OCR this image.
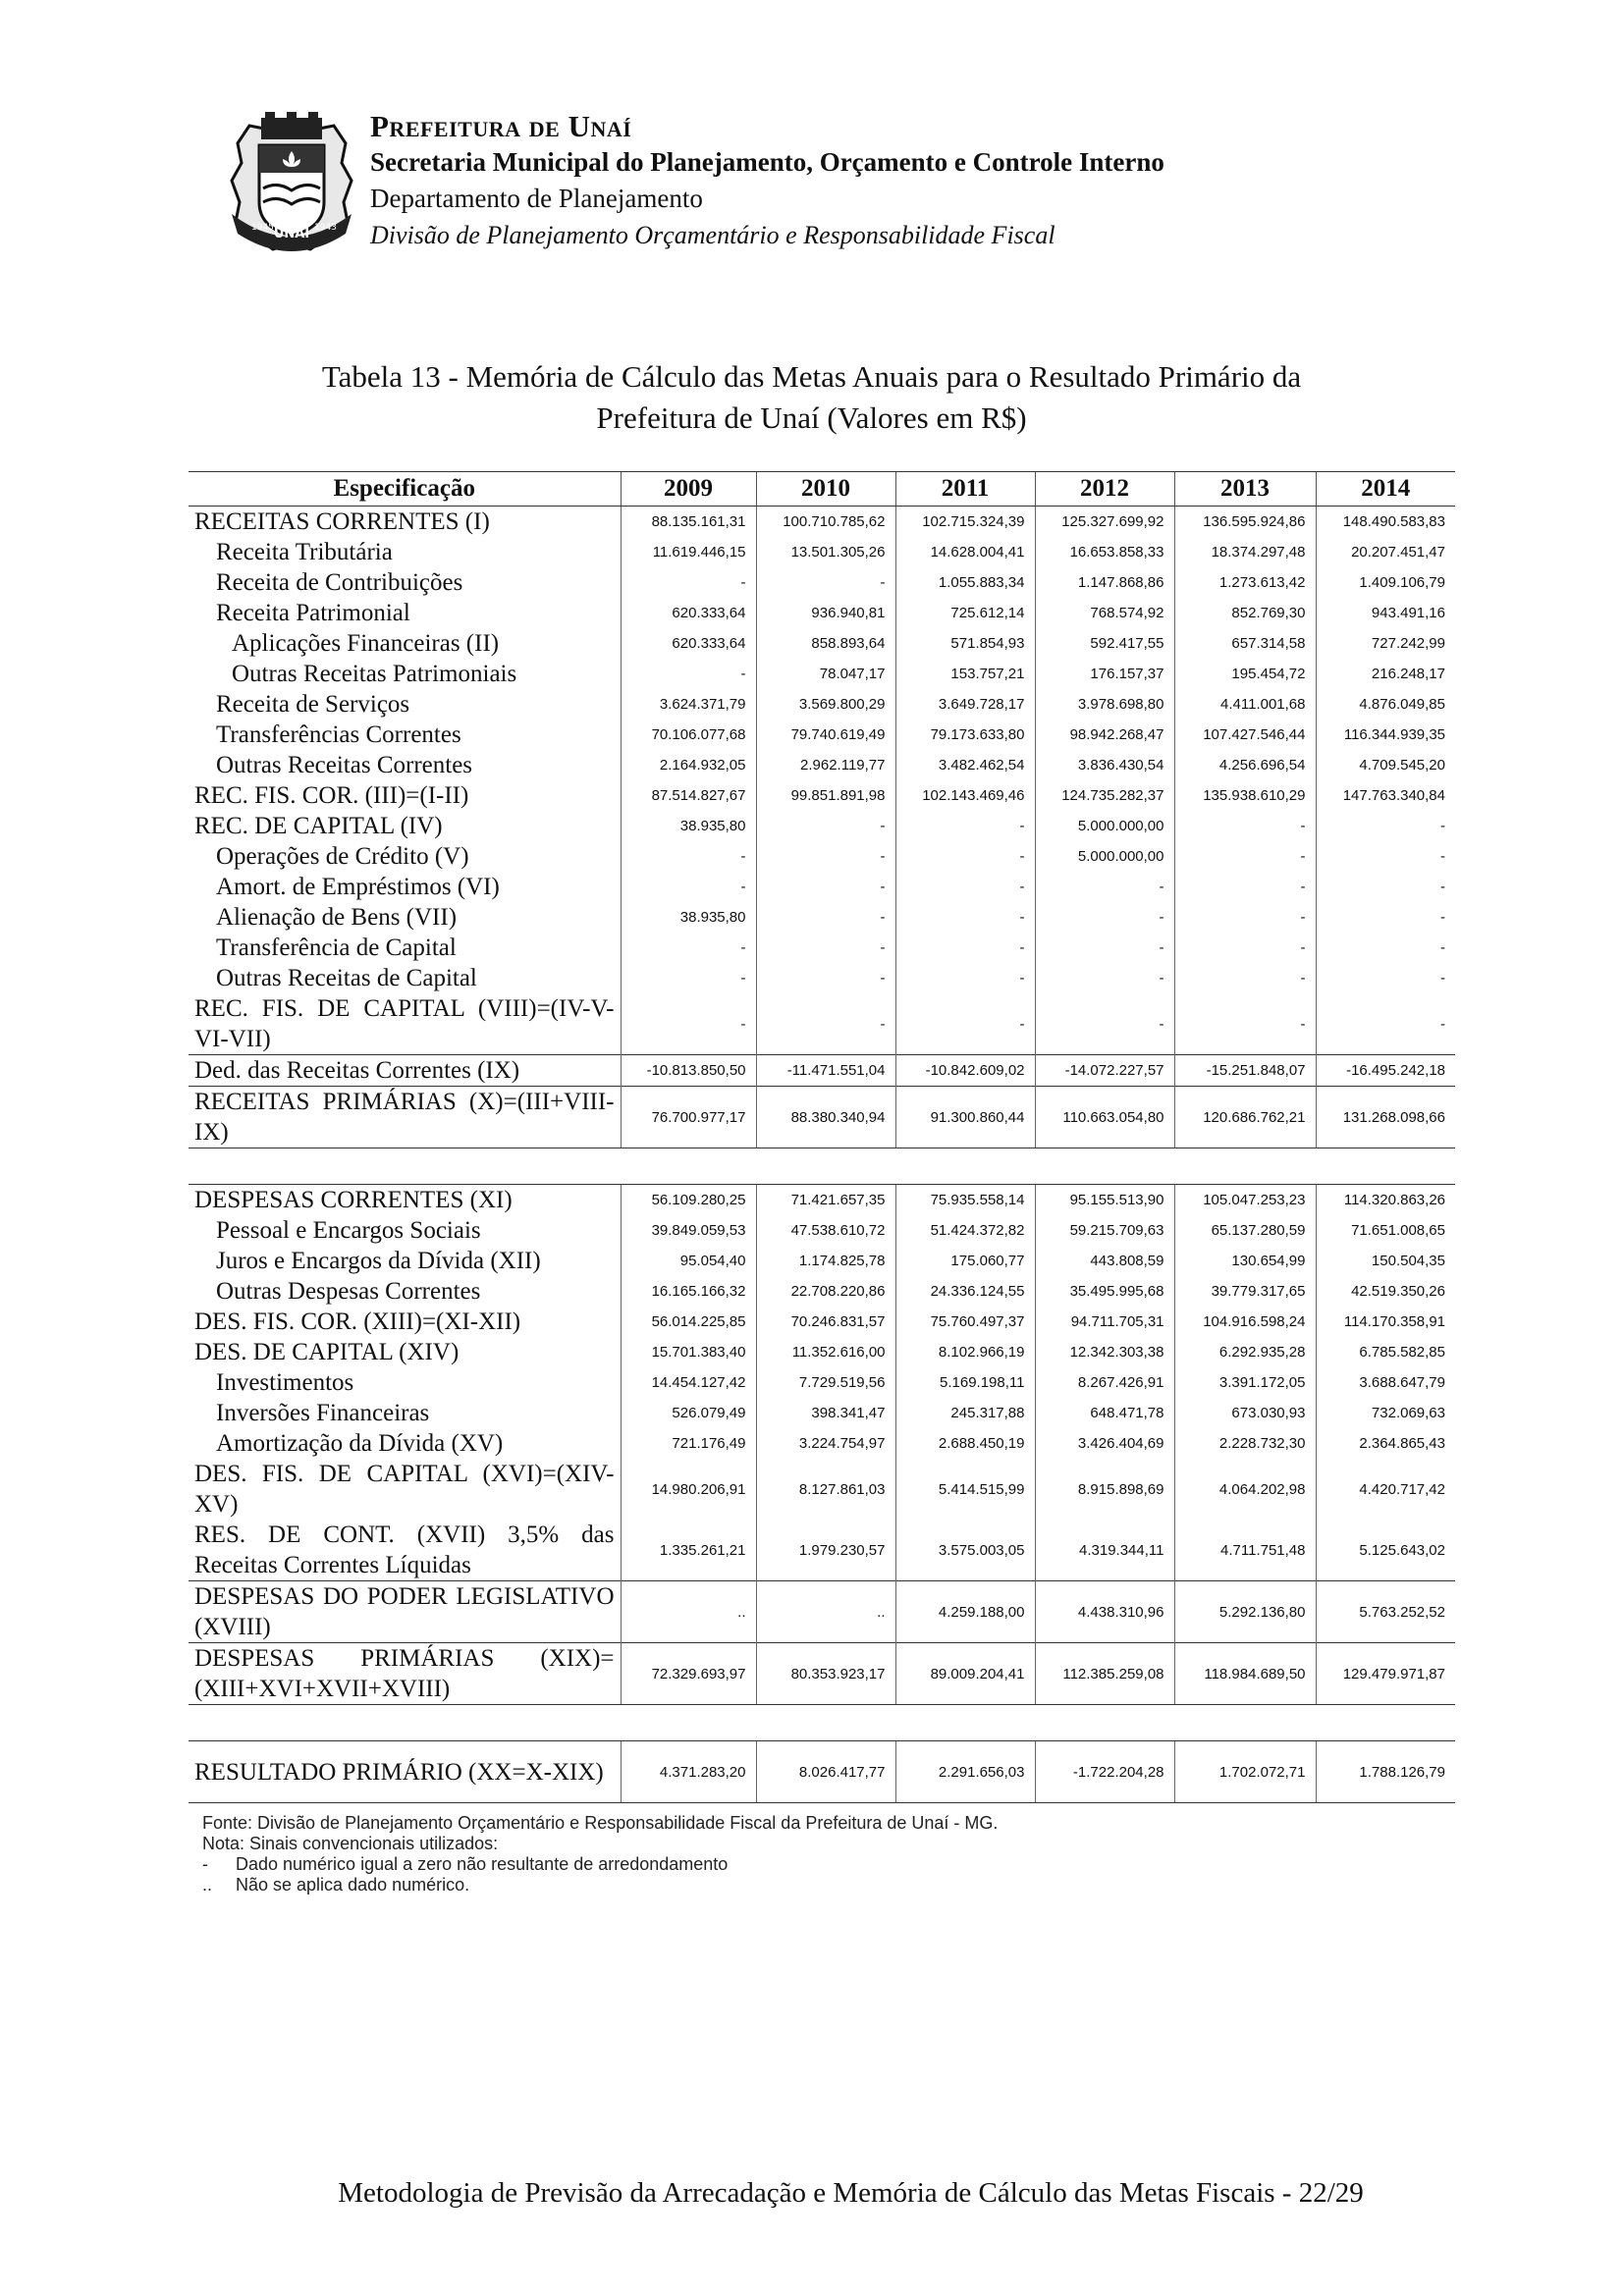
UNAÍ
1945	1943

Prefeitura de Unaí

Secretaria Municipal do Planejamento, Orçamento e Controle Interno

Departamento de Planejamento

Divisão de Planejamento Orçamentário e Responsabilidade Fiscal

Tabela 13 - Memória de Cálculo das Metas Anuais para o Resultado Primário da
Prefeitura de Unaí (Valores em R$)
Especificação	2009	2010	2011	2012	2013	2014
RECEITAS CORRENTES (I)	88.135.161,31	100.710.785,62	102.715.324,39	125.327.699,92	136.595.924,86	148.490.583,83
Receita Tributária	11.619.446,15	13.501.305,26	14.628.004,41	16.653.858,33	18.374.297,48	20.207.451,47
Receita de Contribuições	-	-	1.055.883,34	1.147.868,86	1.273.613,42	1.409.106,79
Receita Patrimonial	620.333,64	936.940,81	725.612,14	768.574,92	852.769,30	943.491,16
Aplicações Financeiras (II)	620.333,64	858.893,64	571.854,93	592.417,55	657.314,58	727.242,99
Outras Receitas Patrimoniais	-	78.047,17	153.757,21	176.157,37	195.454,72	216.248,17
Receita de Serviços	3.624.371,79	3.569.800,29	3.649.728,17	3.978.698,80	4.411.001,68	4.876.049,85
Transferências Correntes	70.106.077,68	79.740.619,49	79.173.633,80	98.942.268,47	107.427.546,44	116.344.939,35
Outras Receitas Correntes	2.164.932,05	2.962.119,77	3.482.462,54	3.836.430,54	4.256.696,54	4.709.545,20
REC. FIS. COR. (III)=(I-II)	87.514.827,67	99.851.891,98	102.143.469,46	124.735.282,37	135.938.610,29	147.763.340,84
REC. DE CAPITAL (IV)	38.935,80	-	-	5.000.000,00	-	-
Operações de Crédito (V)	-	-	-	5.000.000,00	-	-
Amort. de Empréstimos (VI)	-	-	-	-	-	-
Alienação de Bens (VII)	38.935,80	-	-	-	-	-
Transferência de Capital	-	-	-	-	-	-
Outras Receitas de Capital	-	-	-	-	-	-
REC. FIS. DE CAPITAL (VIII)=(IV-V-VI-VII)	-	-	-	-	-	-
Ded. das Receitas Correntes (IX)	-10.813.850,50	-11.471.551,04	-10.842.609,02	-14.072.227,57	-15.251.848,07	-16.495.242,18
RECEITAS PRIMÁRIAS (X)=(III+VIII-IX)	76.700.977,17	88.380.340,94	91.300.860,44	110.663.054,80	120.686.762,21	131.268.098,66

DESPESAS CORRENTES (XI)	56.109.280,25	71.421.657,35	75.935.558,14	95.155.513,90	105.047.253,23	114.320.863,26
Pessoal e Encargos Sociais	39.849.059,53	47.538.610,72	51.424.372,82	59.215.709,63	65.137.280,59	71.651.008,65
Juros e Encargos da Dívida (XII)	95.054,40	1.174.825,78	175.060,77	443.808,59	130.654,99	150.504,35
Outras Despesas Correntes	16.165.166,32	22.708.220,86	24.336.124,55	35.495.995,68	39.779.317,65	42.519.350,26
DES. FIS. COR. (XIII)=(XI-XII)	56.014.225,85	70.246.831,57	75.760.497,37	94.711.705,31	104.916.598,24	114.170.358,91
DES. DE CAPITAL (XIV)	15.701.383,40	11.352.616,00	8.102.966,19	12.342.303,38	6.292.935,28	6.785.582,85
Investimentos	14.454.127,42	7.729.519,56	5.169.198,11	8.267.426,91	3.391.172,05	3.688.647,79
Inversões Financeiras	526.079,49	398.341,47	245.317,88	648.471,78	673.030,93	732.069,63
Amortização da Dívida (XV)	721.176,49	3.224.754,97	2.688.450,19	3.426.404,69	2.228.732,30	2.364.865,43
DES. FIS. DE CAPITAL (XVI)=(XIV-XV)	14.980.206,91	8.127.861,03	5.414.515,99	8.915.898,69	4.064.202,98	4.420.717,42
RES. DE CONT. (XVII) 3,5% das Receitas Correntes Líquidas	1.335.261,21	1.979.230,57	3.575.003,05	4.319.344,11	4.711.751,48	5.125.643,02
DESPESAS DO PODER LEGISLATIVO (XVIII)	..	..	4.259.188,00	4.438.310,96	5.292.136,80	5.763.252,52
DESPESAS PRIMÁRIAS (XIX)=(XIII+XVI+XVII+XVIII)	72.329.693,97	80.353.923,17	89.009.204,41	112.385.259,08	118.984.689,50	129.479.971,87

RESULTADO PRIMÁRIO (XX=X-XIX)	4.371.283,20	8.026.417,77	2.291.656,03	-1.722.204,28	1.702.072,71	1.788.126,79

Fonte: Divisão de Planejamento Orçamentário e Responsabilidade Fiscal da Prefeitura de Unaí - MG.

Nota: Sinais convencionais utilizados:

- Dado numérico igual a zero não resultante de arredondamento

.. Não se aplica dado numérico.

Metodologia de Previsão da Arrecadação e Memória de Cálculo das Metas Fiscais - 22/29
